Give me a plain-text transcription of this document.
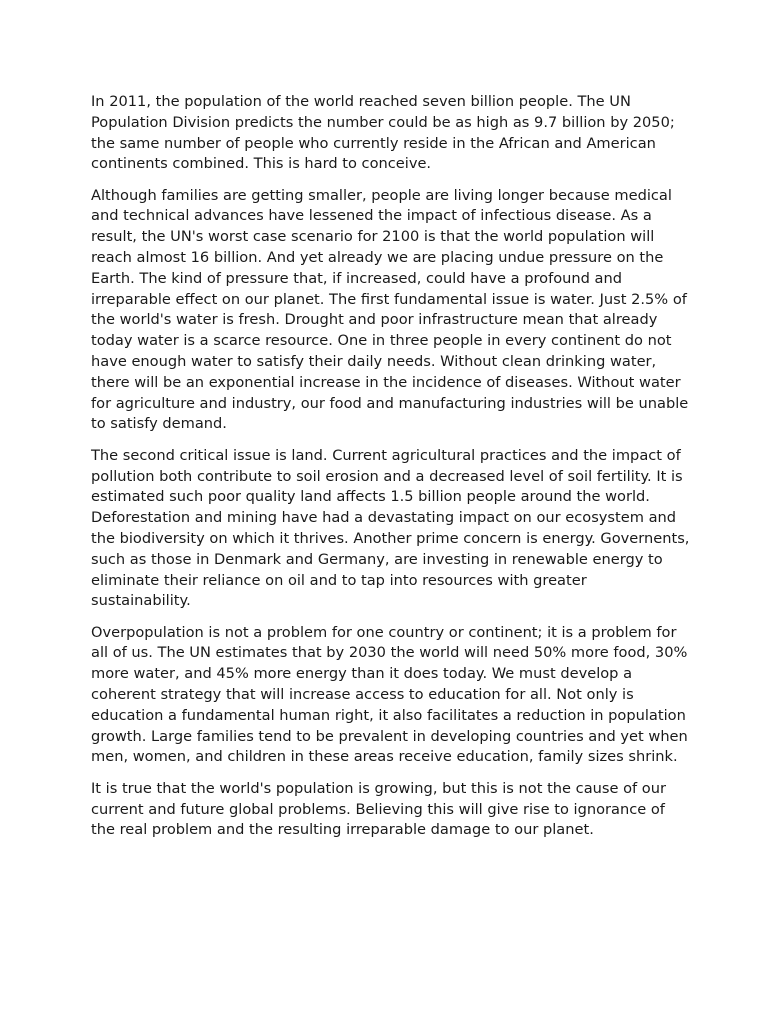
In 2011, the population of the world reached seven billion people. The UN Population Division predicts the number could be as high as 9.7 billion by 2050; the same number of people who currently reside in the African and American continents combined. This is hard to conceive.

Although families are getting smaller, people are living longer because medical and technical advances have lessened the impact of infectious disease. As a result, the UN's worst case scenario for 2100 is that the world population will reach almost 16 billion. And yet already we are placing undue pressure on the Earth. The kind of pressure that, if increased, could have a profound and irreparable effect on our planet. The first fundamental issue is water. Just 2.5% of the world's water is fresh. Drought and poor infrastructure mean that already today water is a scarce resource. One in three people in every continent do not have enough water to satisfy their daily needs. Without clean drinking water, there will be an exponential increase in the incidence of diseases. Without water for agriculture and industry, our food and manufacturing industries will be unable to satisfy demand.

The second critical issue is land. Current agricultural practices and the impact of pollution both contribute to soil erosion and a decreased level of soil fertility. It is estimated such poor quality land affects 1.5 billion people around the world. Deforestation and mining have had a devastating impact on our ecosystem and the biodiversity on which it thrives. Another prime concern is energy. Governents, such as those in Denmark and Germany, are investing in renewable energy to eliminate their reliance on oil and to tap into resources with greater sustainability.

Overpopulation is not a problem for one country or continent; it is a problem for all of us. The UN estimates that by 2030 the world will need 50% more food, 30% more water, and 45% more energy than it does today. We must develop a coherent strategy that will increase access to education for all. Not only is education a fundamental human right, it also facilitates a reduction in population growth. Large families tend to be prevalent in developing countries and yet when men, women, and children in these areas receive education, family sizes shrink.

It is true that the world's population is growing, but this is not the cause of our current and future global problems. Believing this will give rise to ignorance of the real problem and the resulting irreparable damage to our planet.
